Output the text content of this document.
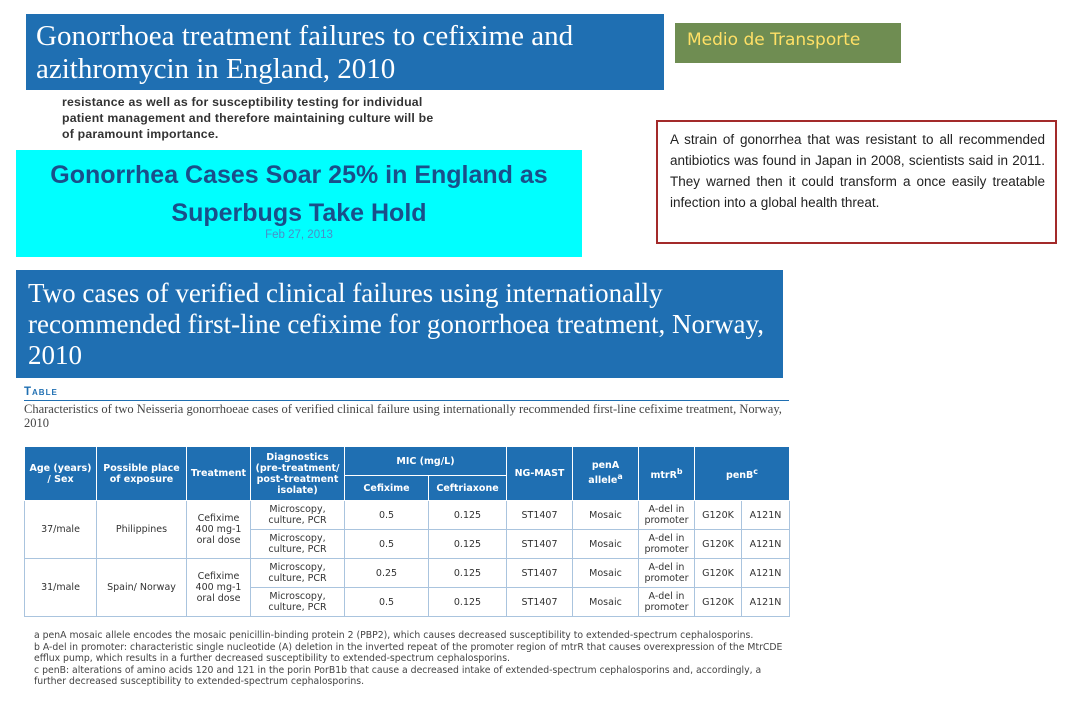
Gonorrhoea treatment failures to cefixime and azithromycin in England, 2010
resistance as well as for susceptibility testing for individual patient management and therefore maintaining culture will be of paramount importance.
Medio de Transporte
A strain of gonorrhea that was resistant to all recommended antibiotics was found in Japan in 2008, scientists said in 2011. They warned then it could transform a once easily treatable infection into a global health threat.
Gonorrhea Cases Soar 25% in England as Superbugs Take Hold
Feb 27, 2013
Two cases of verified clinical failures using internationally recommended first-line cefixime for gonorrhoea treatment, Norway, 2010
Table
Characteristics of two Neisseria gonorrhoeae cases of verified clinical failure using internationally recommended first-line cefixime treatment, Norway, 2010
Age (years) / Sex	Possible place of exposure	Treatment	Diagnostics (pre-treatment/ post-treatment isolate)	MIC (mg/L)		NG-MAST	penA allele$^a$	mtrR$^b$	penB$^c$
				Cefixime	Ceftriaxone					
37/male	Philippines	Cefixime 400 mg-1 oral dose	Microscopy, culture, PCR	0.5	0.125	ST1407	Mosaic	A-del in promoter	G120K	A121N
			Microscopy, culture, PCR	0.5	0.125	ST1407	Mosaic	A-del in promoter	G120K	A121N
31/male	Spain/ Norway	Cefixime 400 mg-1 oral dose	Microscopy, culture, PCR	0.25	0.125	ST1407	Mosaic	A-del in promoter	G120K	A121N
			Microscopy, culture, PCR	0.5	0.125	ST1407	Mosaic	A-del in promoter	G120K	A121N
a penA mosaic allele encodes the mosaic penicillin-binding protein 2 (PBP2), which causes decreased susceptibility to extended-spectrum cephalosporins.
b A-del in promoter: characteristic single nucleotide (A) deletion in the inverted repeat of the promoter region of mtrR that causes overexpression of the MtrCDE efflux pump, which results in a further decreased susceptibility to extended-spectrum cephalosporins.
c penB: alterations of amino acids 120 and 121 in the porin PorB1b that cause a decreased intake of extended-spectrum cephalosporins and, accordingly, a further decreased susceptibility to extended-spectrum cephalosporins.
